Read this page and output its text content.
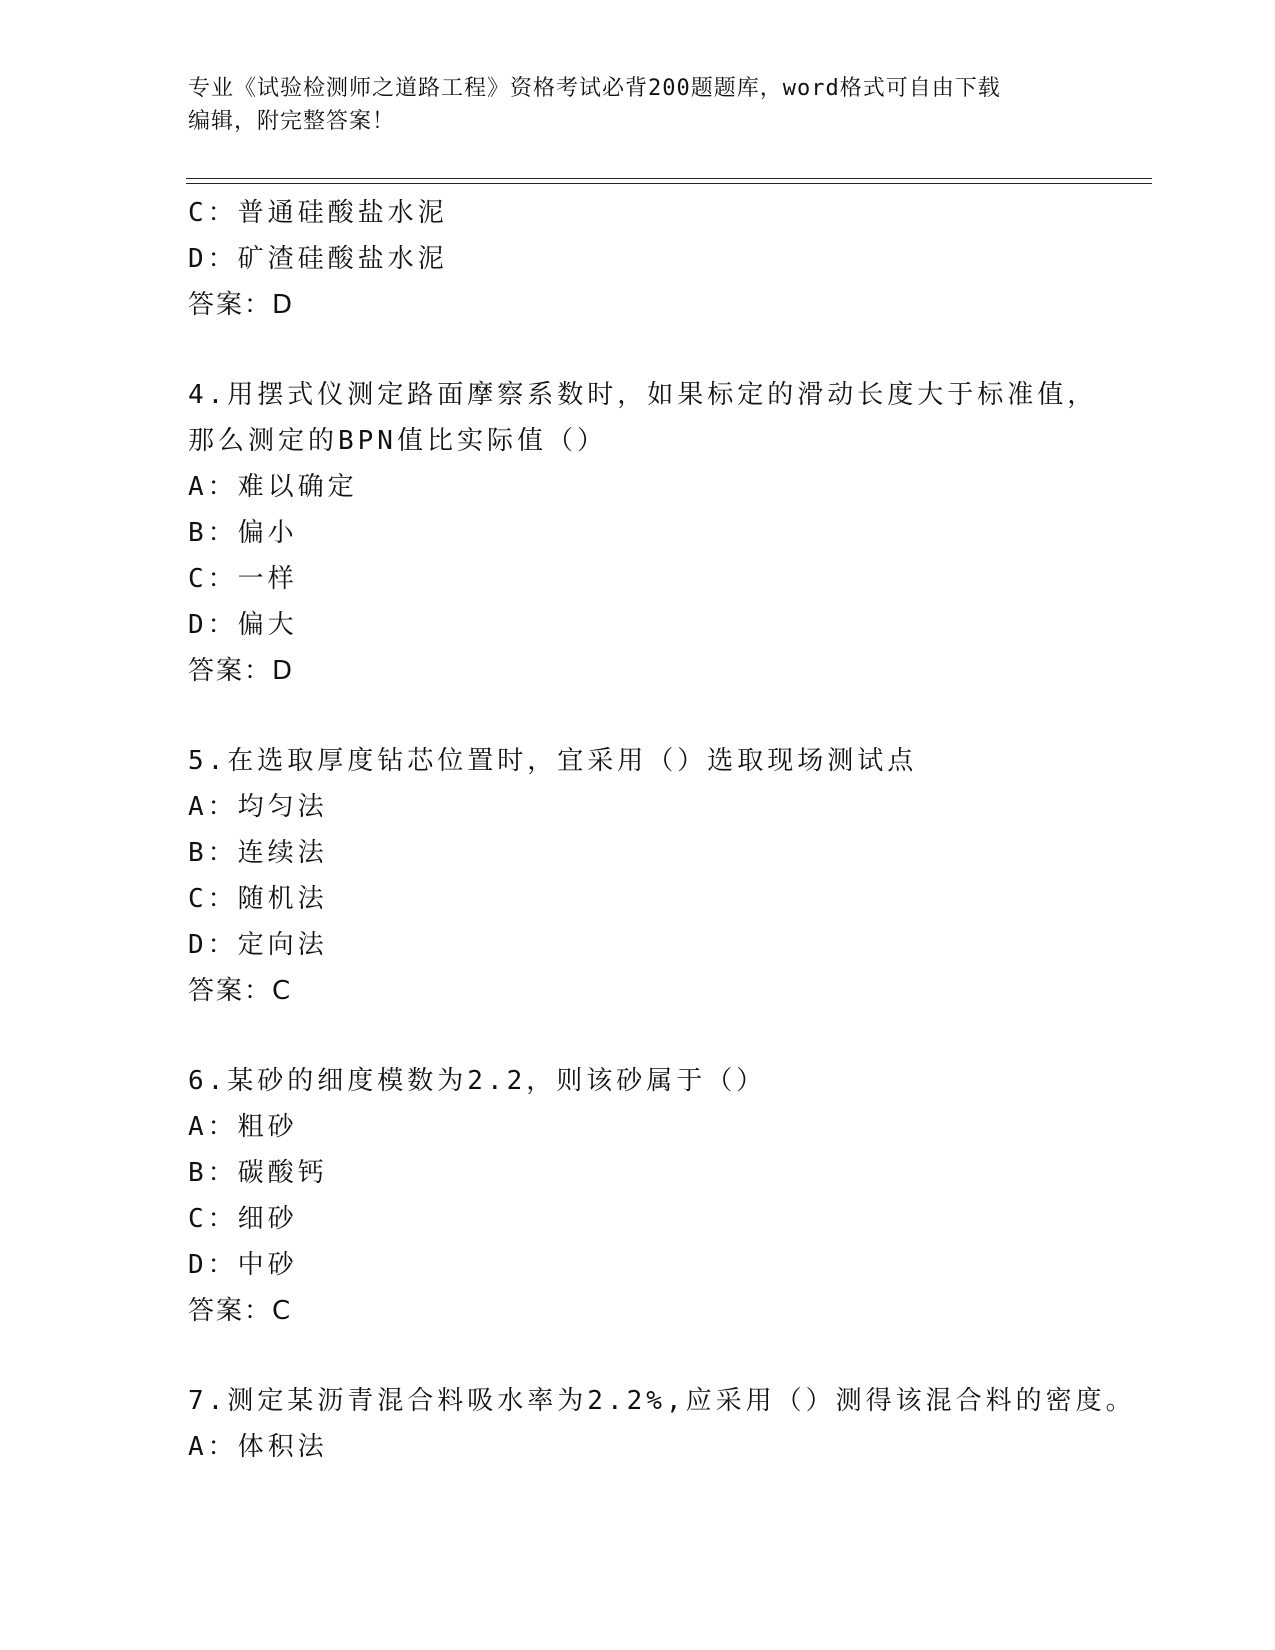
专业《试验检测师之道路工程》资格考试必背200题题库，word格式可自由下载
编辑，附完整答案！
C：普通硅酸盐水泥
D：矿渣硅酸盐水泥
答案：D
4.用摆式仪测定路面摩察系数时，如果标定的滑动长度大于标准值，
那么测定的BPN值比实际值（）
A：难以确定
B：偏小
C：一样
D：偏大
答案：D
5.在选取厚度钻芯位置时，宜采用（）选取现场测试点
A：均匀法
B：连续法
C：随机法
D：定向法
答案：C
6.某砂的细度模数为2.2，则该砂属于（）
A：粗砂
B：碳酸钙
C：细砂
D：中砂
答案：C
7.测定某沥青混合料吸水率为2.2%,应采用（）测得该混合料的密度。
A：体积法
